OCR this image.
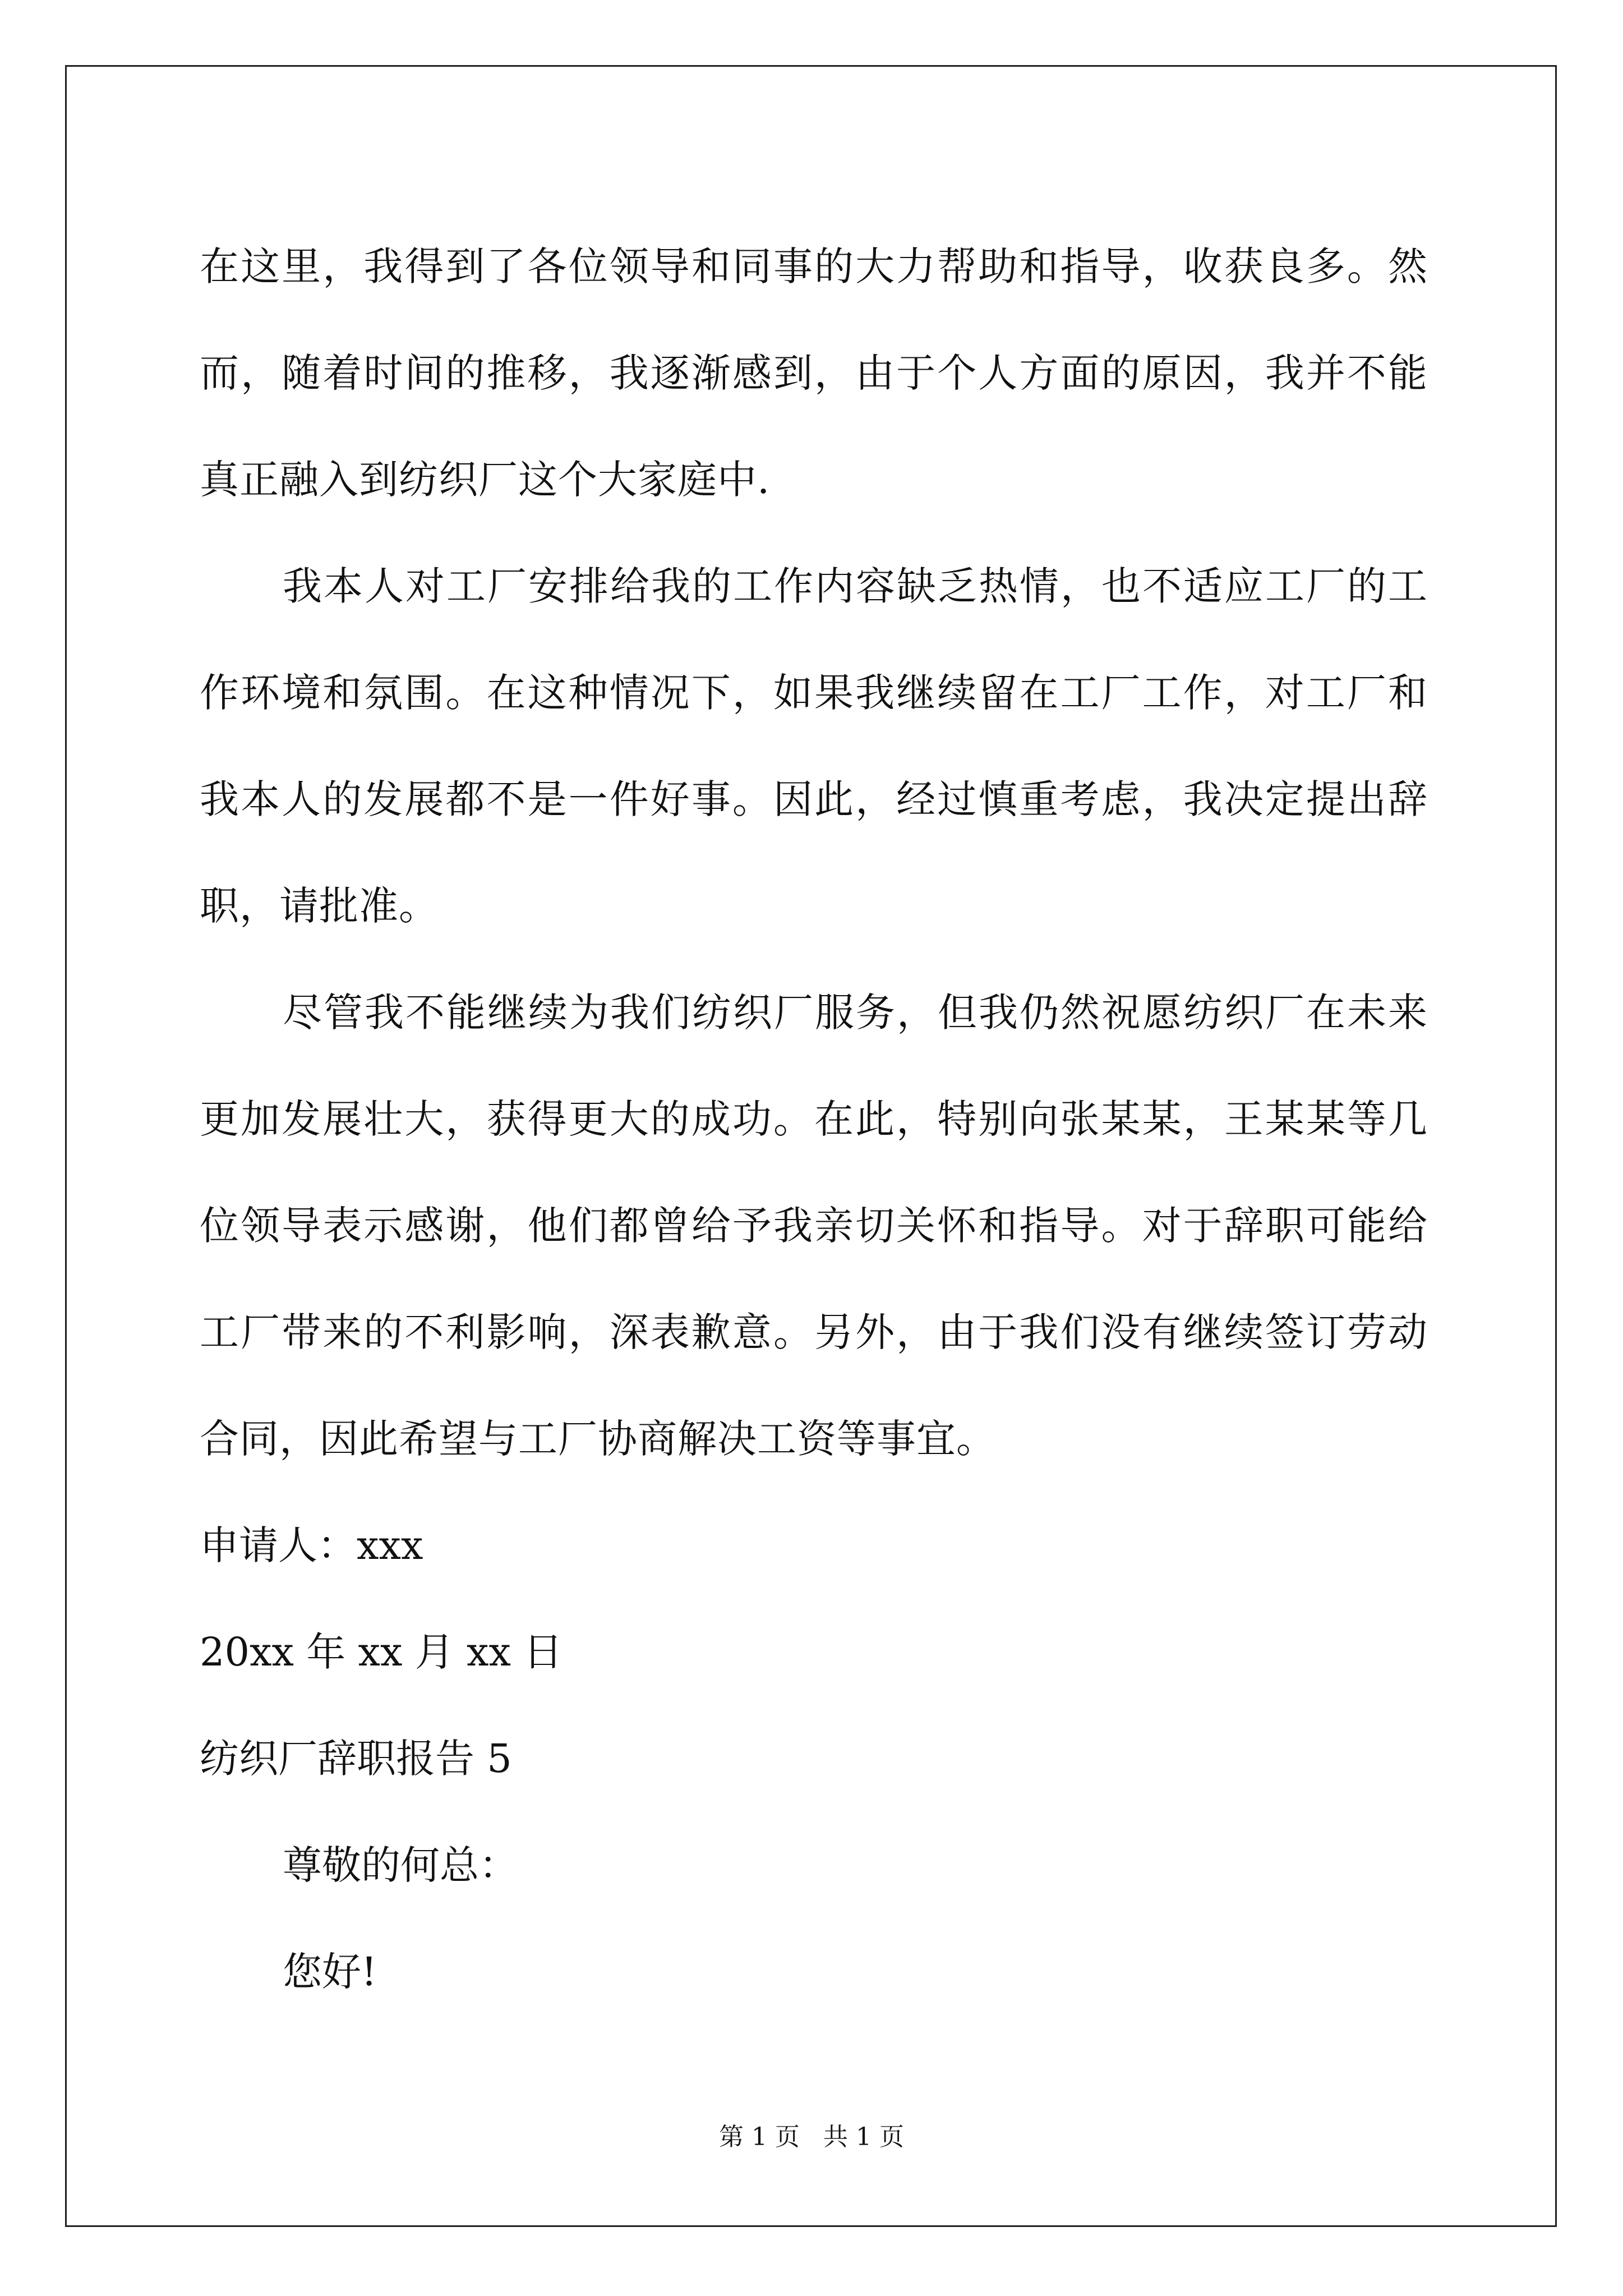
在这里，我得到了各位领导和同事的大力帮助和指导，收获良多。然而，随着时间的推移，我逐渐感到，由于个人方面的原因，我并不能真正融入到纺织厂这个大家庭中.

我本人对工厂安排给我的工作内容缺乏热情，也不适应工厂的工作环境和氛围。在这种情况下，如果我继续留在工厂工作，对工厂和我本人的发展都不是一件好事。因此，经过慎重考虑，我决定提出辞职，请批准。

尽管我不能继续为我们纺织厂服务，但我仍然祝愿纺织厂在未来更加发展壮大，获得更大的成功。在此，特别向张某某，王某某等几位领导表示感谢，他们都曾给予我亲切关怀和指导。对于辞职可能给工厂带来的不利影响，深表歉意。另外，由于我们没有继续签订劳动合同，因此希望与工厂协商解决工资等事宜。

申请人：xxx

20xx 年 xx 月 xx 日

纺织厂辞职报告 5

尊敬的何总：

您好!

第 1 页 共 1 页
